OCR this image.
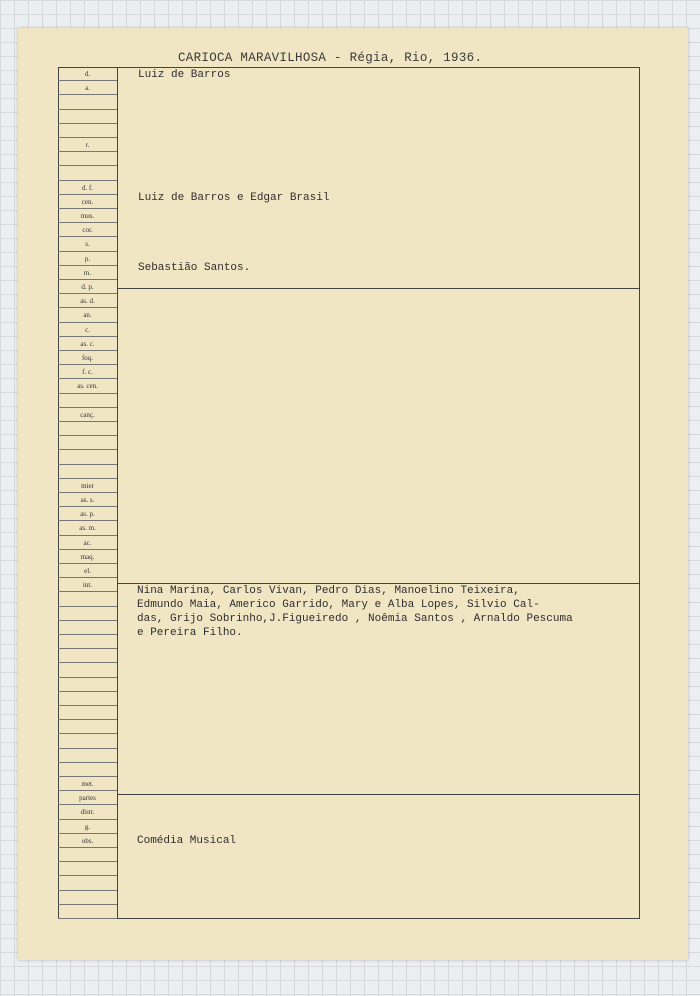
CARIOCA MARAVILHOSA - Régia, Rio, 1936.
d.
a.
r.
d. f.
cen.
mus.
cor.
s.
p.
m.
d. p.
as. d.
an.
c.
as. c.
foq.
f. c.
as. cen.
canç.
mier
as. s.
as. p.
as. m.
ac.
maq.
el.
int.
met.
partes
distr.
g.
obs.
Luiz de Barros
Luiz de Barros e Edgar Brasil
Sebastião Santos.
Nina Marina, Carlos Vivan, Pedro Dias, Manoelino Teixeira,
Edmundo Maia, Americo Garrido, Mary e Alba Lopes, Silvio Cal-
das, Grijo Sobrinho,J.Figueiredo , Noêmia Santos , Arnaldo Pescuma
e Pereira Filho.
Comédia Musical
